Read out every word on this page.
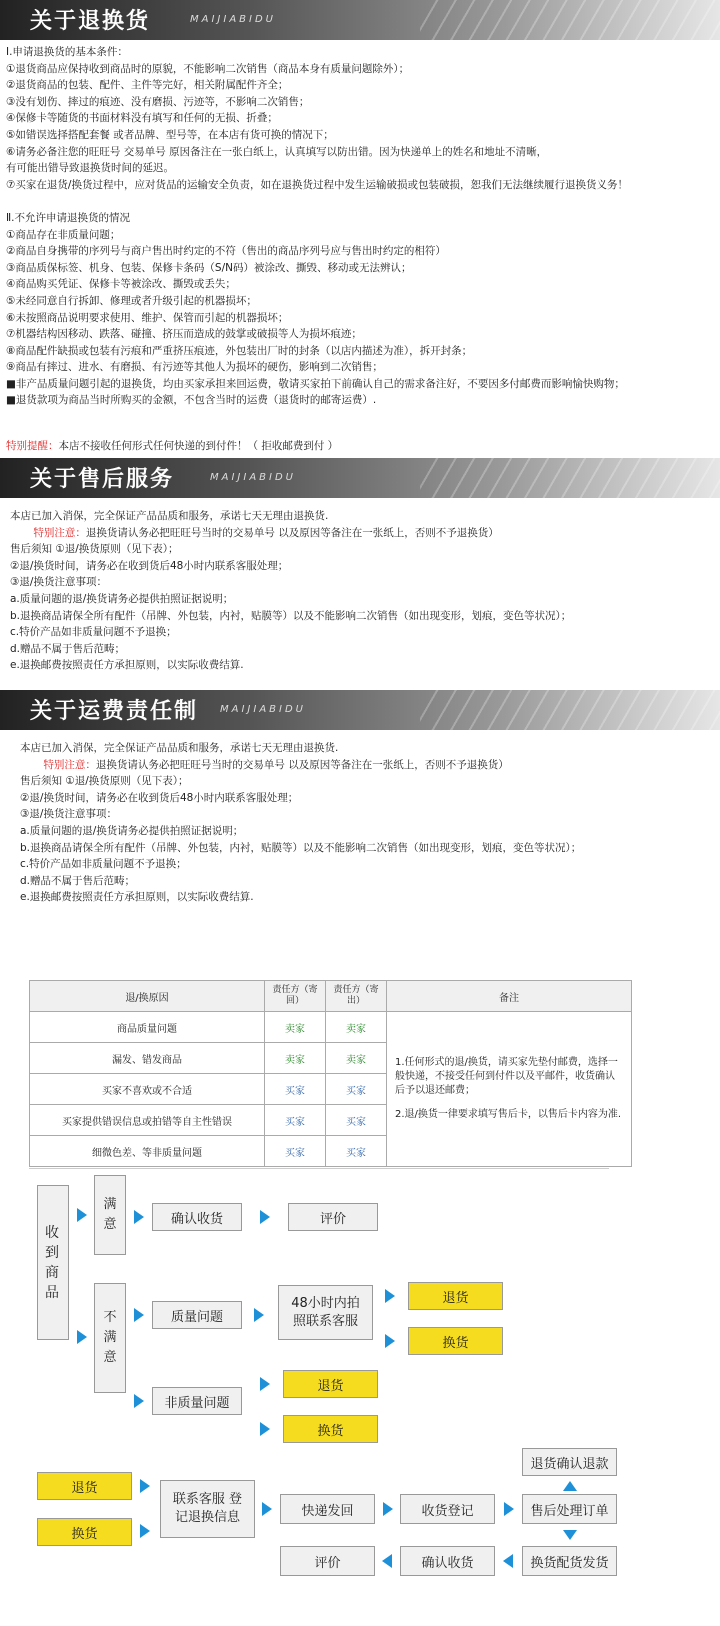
关于退换货	MAIJIABIDU
Ⅰ.申请退换货的基本条件：
①退货商品应保持收到商品时的原貌，不能影响二次销售（商品本身有质量问题除外）；
②退货商品的包装、配件、主件等完好，相关附属配件齐全；
③没有划伤、摔过的痕迹、没有磨损、污迹等，不影响二次销售；
④保修卡等随货的书面材料没有填写和任何的无损、折叠；
⑤如错误选择搭配套餐 或者品牌、型号等，在本店有货可换的情况下；
⑥请务必备注您的旺旺号 交易单号 原因备注在一张白纸上，认真填写以防出错。因为快递单上的姓名和地址不清晰，
有可能出错导致退换货时间的延迟。
⑦买家在退货/换货过程中，应对货品的运输安全负责，如在退换货过程中发生运输破损或包装破损，恕我们无法继续履行退换货义务！

Ⅱ.不允许申请退换货的情况
①商品存在非质量问题；
②商品自身携带的序列号与商户售出时约定的不符（售出的商品序列号应与售出时约定的相符）
③商品质保标签、机身、包装、保修卡条码（S/N码）被涂改、撕毁、移动或无法辨认；
④商品购买凭证、保修卡等被涂改、撕毁或丢失；
⑤未经同意自行拆卸、修理或者升级引起的机器损坏；
⑥未按照商品说明要求使用、维护、保管而引起的机器损坏；
⑦机器结构因移动、跌落、碰撞、挤压而造成的鼓掌或破损等人为损坏痕迹；
⑧商品配件缺损或包装有污痕和严重挤压痕迹，外包装出厂时的封条（以店内描述为准），拆开封条；
⑨商品有摔过、进水、有磨损、有污迹等其他人为损坏的硬伤，影响到二次销售；
■非产品质量问题引起的退换货，均由买家承担来回运费，敬请买家拍下前确认自己的需求备注好，不要因多付邮费而影响愉快购物；
■退货款项为商品当时所购买的金额，不包含当时的运费（退货时的邮寄运费）.
特别提醒：本店不接收任何形式任何快递的到付件！（ 拒收邮费到付 ）
关于售后服务	MAIJIABIDU
本店已加入消保，完全保证产品品质和服务，承诺七天无理由退换货.
特别注意：退换货请认务必把旺旺号当时的交易单号 以及原因等备注在一张纸上，否则不予退换货）
售后须知 ①退/换货原则（见下表）；
②退/换货时间，请务必在收到货后48小时内联系客服处理；
③退/换货注意事项：
a.质量问题的退/换货请务必提供拍照证据说明；
b.退换商品请保全所有配件（吊牌、外包装，内衬，贴膜等）以及不能影响二次销售（如出现变形，划痕，变色等状况）；
c.特价产品如非质量问题不予退换；
d.赠品不属于售后范畴；
e.退换邮费按照责任方承担原则，以实际收费结算.
关于运费责任制 MAIJIABIDU
本店已加入消保，完全保证产品品质和服务，承诺七天无理由退换货.
特别注意：退换货请认务必把旺旺号当时的交易单号 以及原因等备注在一张纸上，否则不予退换货）
售后须知 ①退/换货原则（见下表）；
②退/换货时间，请务必在收到货后48小时内联系客服处理；
③退/换货注意事项：
a.质量问题的退/换货请务必提供拍照证据说明；
b.退换商品请保全所有配件（吊牌、外包装，内衬，贴膜等）以及不能影响二次销售（如出现变形，划痕，变色等状况）；
c.特价产品如非质量问题不予退换；
d.赠品不属于售后范畴；
e.退换邮费按照责任方承担原则，以实际收费结算.
退/换原因	责任方（寄回）	责任方（寄出）	备注
商品质量问题	卖家	卖家	1.任何形式的退/换货，请买家先垫付邮费，选择一般快递，不接受任何到付件以及平邮件，收货确认后予以退还邮费；
2.退/换货一律要求填写售后卡，以售后卡内容为准.

漏发、错发商品	卖家	卖家	
买家不喜欢或不合适	买家	买家	
买家提供错误信息或拍错等自主性错误	买家	买家	
细微色差、等非质量问题	买家	买家	
收到商品
满意
不满意
确认收货	评价
质量问题
48小时内拍照联系客服
退货
换货
非质量问题
退货
换货
退货
换货
联系客服 登记退换信息	快递发回	收货登记	售后处理订单
退货确认退款
换货配货发货
确认收货
评价
